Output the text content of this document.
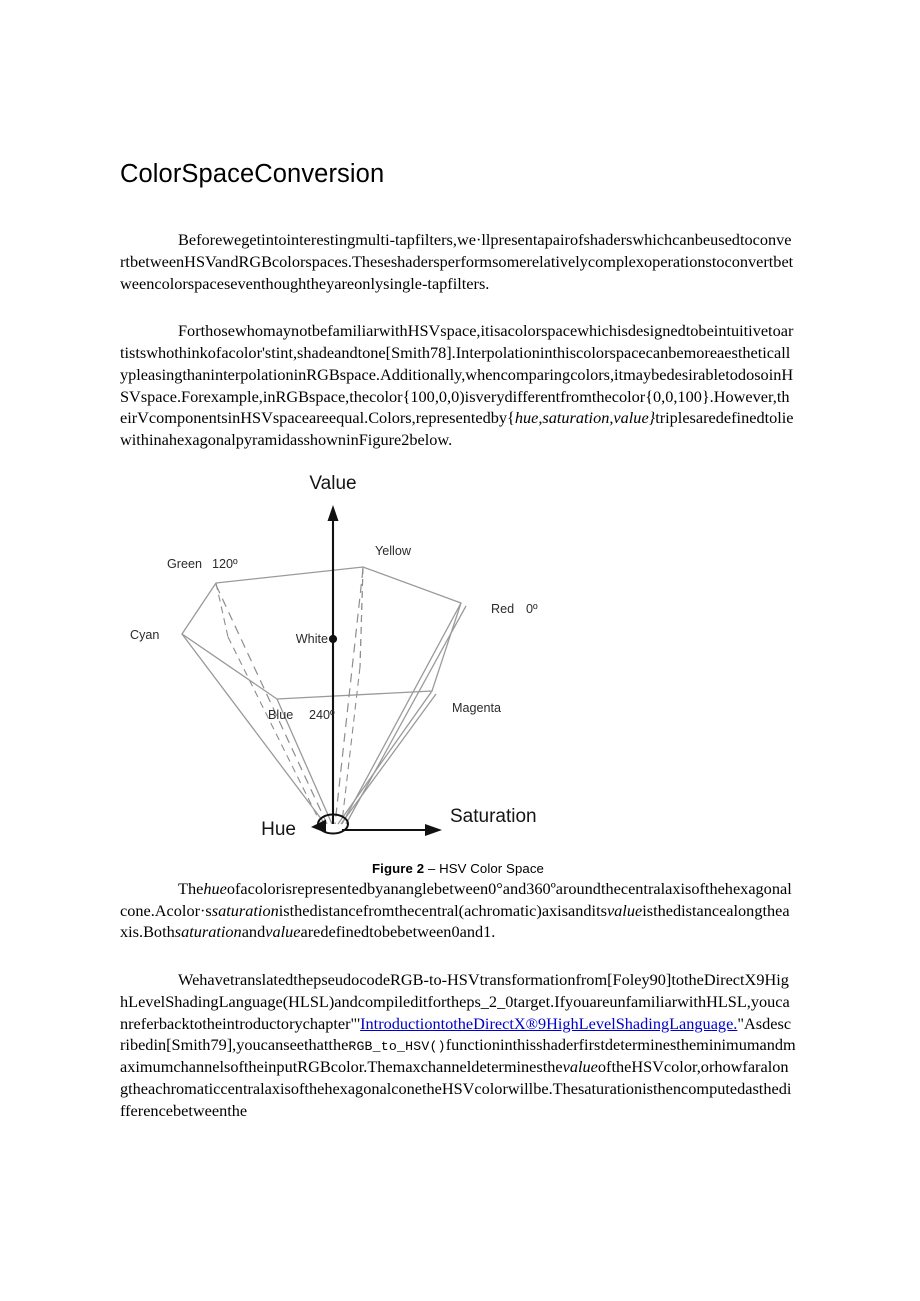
ColorSpaceConversion

Beforewegetintointerestingmulti-tapfilters,we·llpresentapairofshaderswhichcanbeusedtoconvertbetweenHSVandRGBcolorspaces.Theseshadersperformsomerelativelycomplexoperationstoconvertbetweencolorspaceseventhoughtheyareonlysingle-tapfilters.

ForthosewhomaynotbefamiliarwithHSVspace,itisacolorspacewhichisdesignedtobeintuitivetoartistswhothinkofacolor'stint,shadeandtone[Smith78].InterpolationinthiscolorspacecanbemoreaestheticallypleasingthaninterpolationinRGBspace.Additionally,whencomparingcolors,itmaybedesirabletodosoinHSVspace.Forexample,inRGBspace,thecolor{100,0,0)isverydifferentfromthecolor{0,0,100}.However,theirVcomponentsinHSVspaceareequal.Colors,representedby{hue,saturation,value}triplesaredefinedtoliewithinahexagonalpyramidasshowninFigure2below.

Value
Hue
Saturation
White
Green 120º
Yellow
Red 0º
Magenta
Blue 240º
Cyan
Figure 2 – HSV Color Space

Thehueofacolorisrepresentedbyananglebetween0°and360ºaroundthecentralaxisofthehexagonalcone.Acolor·ssaturationisthedistancefromthecentral(achromatic)axisanditsvalueisthedistancealongtheaxis.Bothsaturationandvaluearedefinedtobebetween0and1.

WehavetranslatedthepseudocodeRGB-to-HSVtransformationfrom[Foley90]totheDirectX9HighLevelShadingLanguage(HLSL)andcompileditfortheps_2_0target.IfyouareunfamiliarwithHLSL,youcanreferbacktotheintroductorychapter"'IntroductiontotheDirectX®9HighLevelShadingLanguage."Asdescribedin[Smith79],youcanseethattheRGB_to_HSV()functioninthisshaderfirstdeterminestheminimumandmaximumchannelsoftheinputRGBcolor.ThemaxchanneldeterminesthevalueoftheHSVcolor,orhowfaralongtheachromaticcentralaxisofthehexagonalconetheHSVcolorwillbe.Thesaturationisthencomputedasthedifferencebetweenthe
